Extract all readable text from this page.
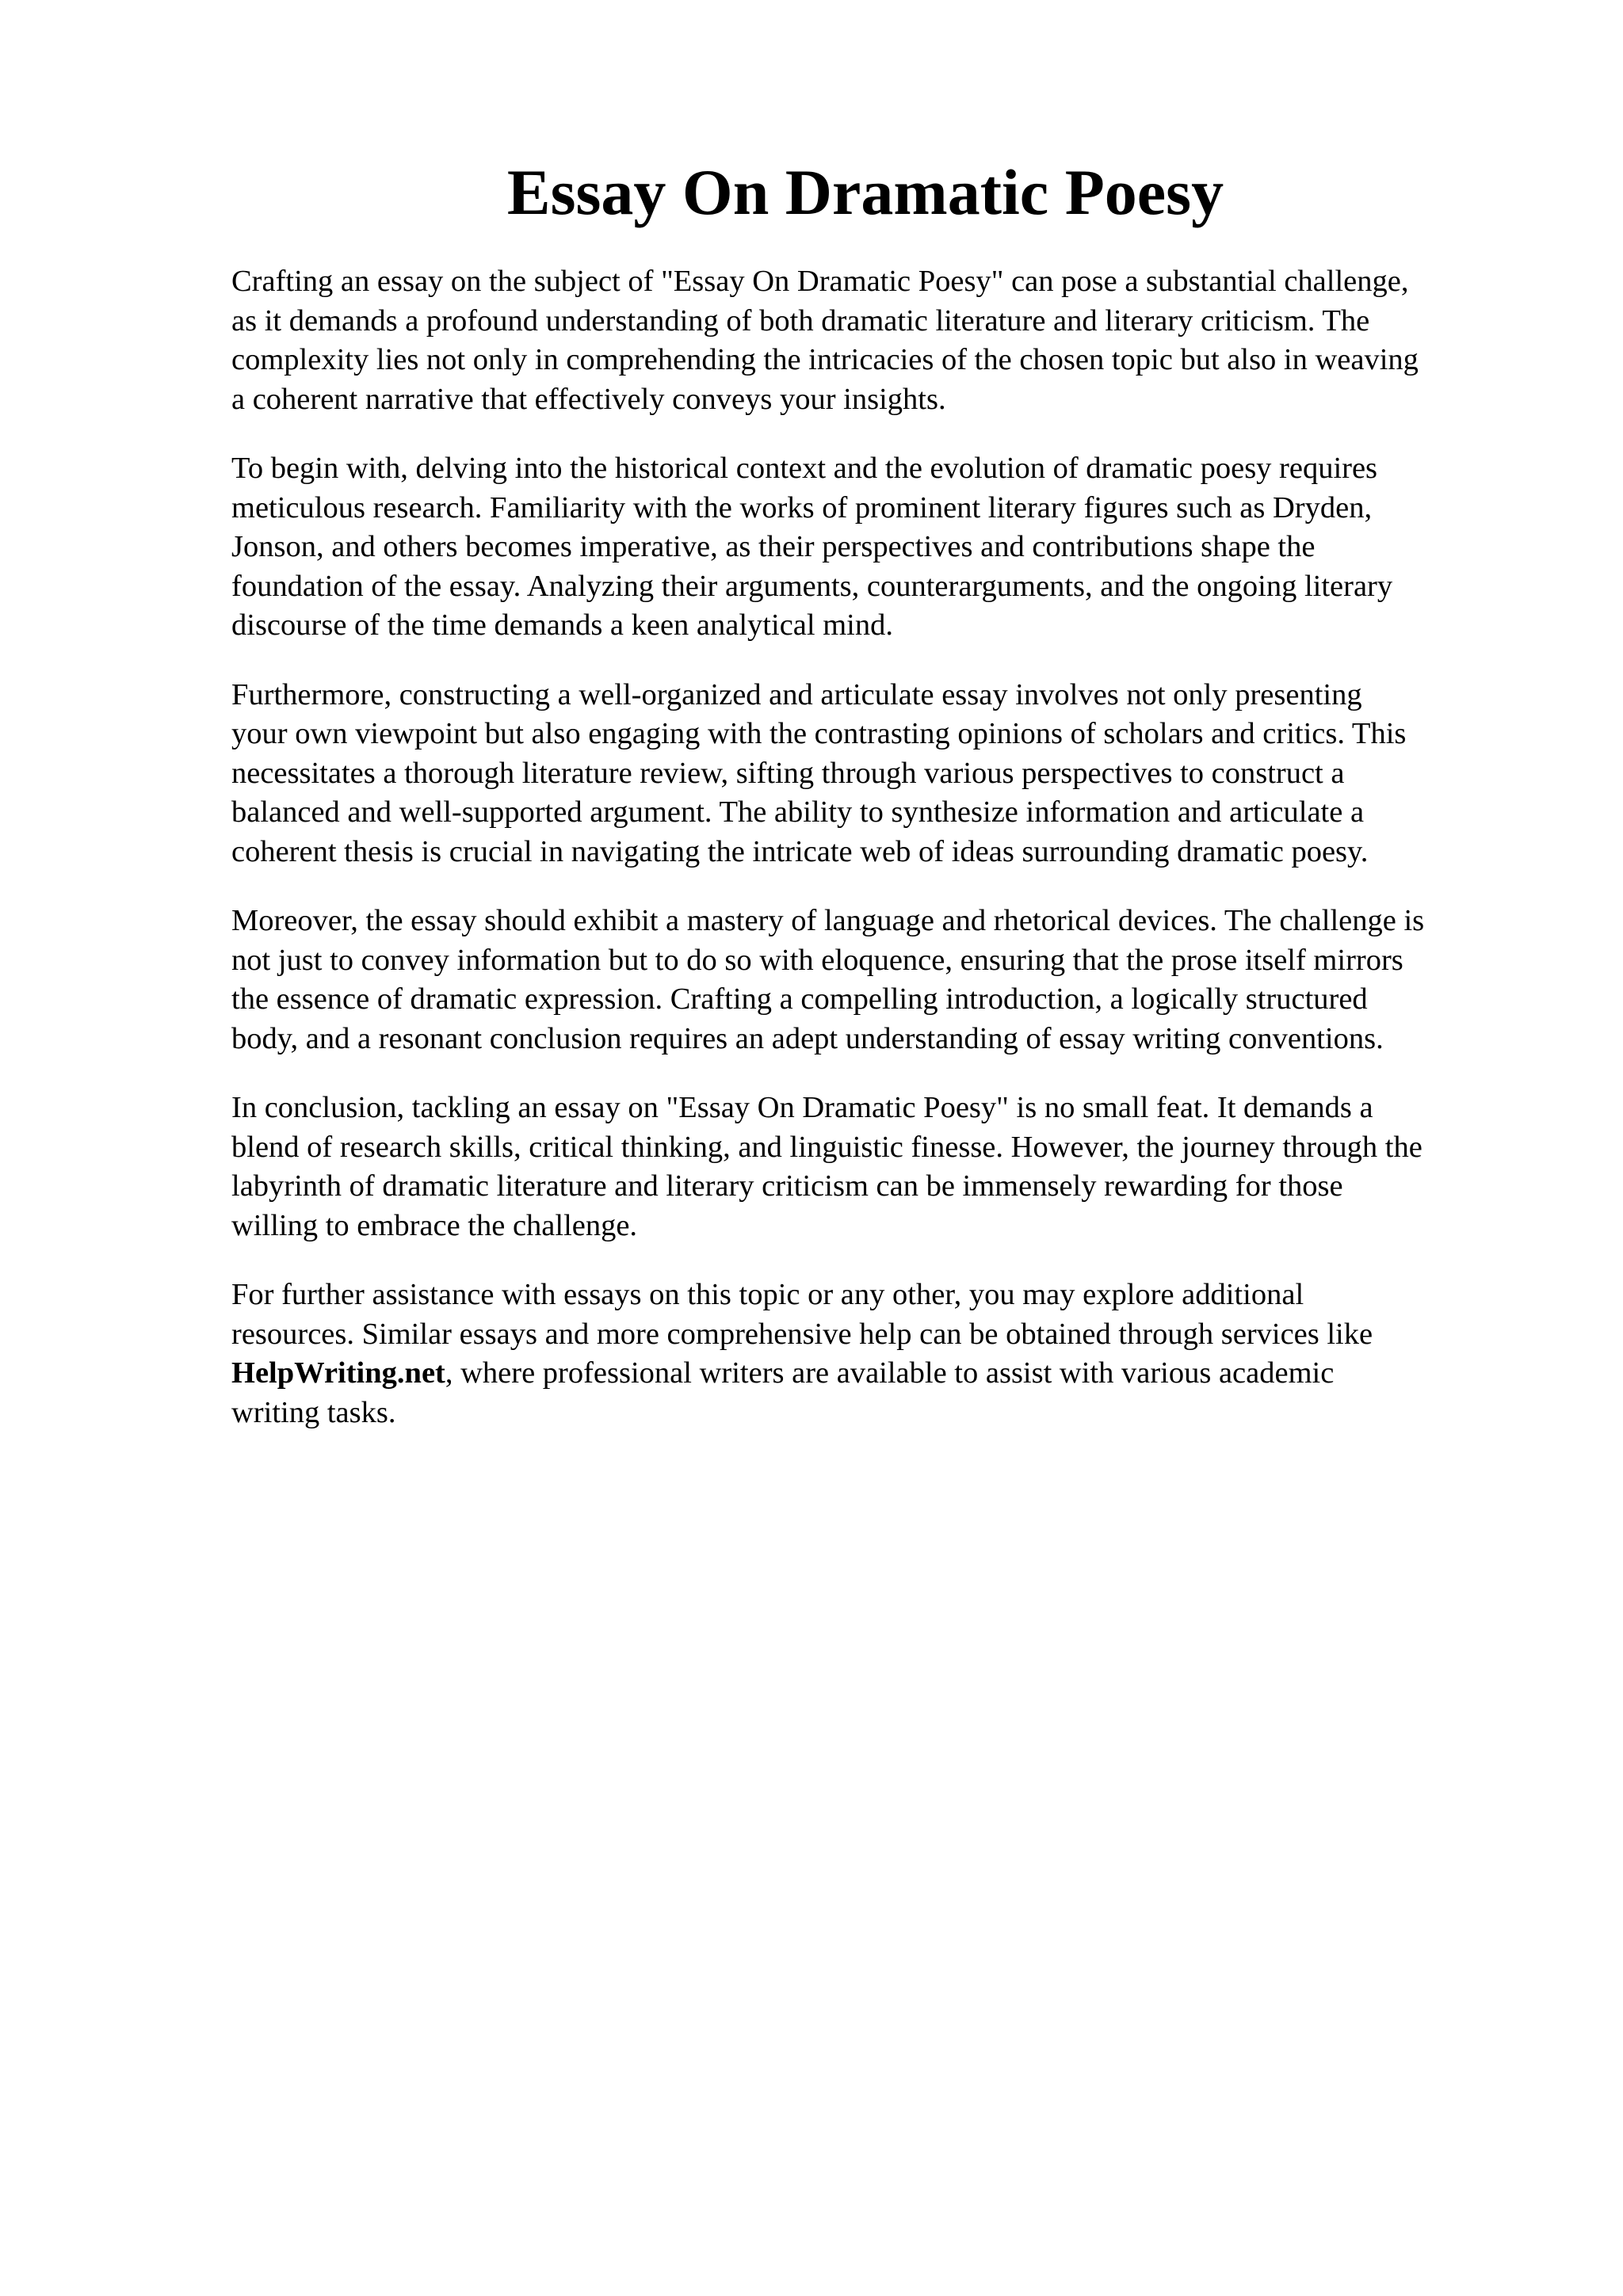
Essay On Dramatic Poesy

Crafting an essay on the subject of "Essay On Dramatic Poesy" can pose a substantial challenge,
as it demands a profound understanding of both dramatic literature and literary criticism. The
complexity lies not only in comprehending the intricacies of the chosen topic but also in weaving
a coherent narrative that effectively conveys your insights.

To begin with, delving into the historical context and the evolution of dramatic poesy requires
meticulous research. Familiarity with the works of prominent literary figures such as Dryden,
Jonson, and others becomes imperative, as their perspectives and contributions shape the
foundation of the essay. Analyzing their arguments, counterarguments, and the ongoing literary
discourse of the time demands a keen analytical mind.

Furthermore, constructing a well-organized and articulate essay involves not only presenting
your own viewpoint but also engaging with the contrasting opinions of scholars and critics. This
necessitates a thorough literature review, sifting through various perspectives to construct a
balanced and well-supported argument. The ability to synthesize information and articulate a
coherent thesis is crucial in navigating the intricate web of ideas surrounding dramatic poesy.

Moreover, the essay should exhibit a mastery of language and rhetorical devices. The challenge is
not just to convey information but to do so with eloquence, ensuring that the prose itself mirrors
the essence of dramatic expression. Crafting a compelling introduction, a logically structured
body, and a resonant conclusion requires an adept understanding of essay writing conventions.

In conclusion, tackling an essay on "Essay On Dramatic Poesy" is no small feat. It demands a
blend of research skills, critical thinking, and linguistic finesse. However, the journey through the
labyrinth of dramatic literature and literary criticism can be immensely rewarding for those
willing to embrace the challenge.

For further assistance with essays on this topic or any other, you may explore additional
resources. Similar essays and more comprehensive help can be obtained through services like
HelpWriting.net, where professional writers are available to assist with various academic
writing tasks.
